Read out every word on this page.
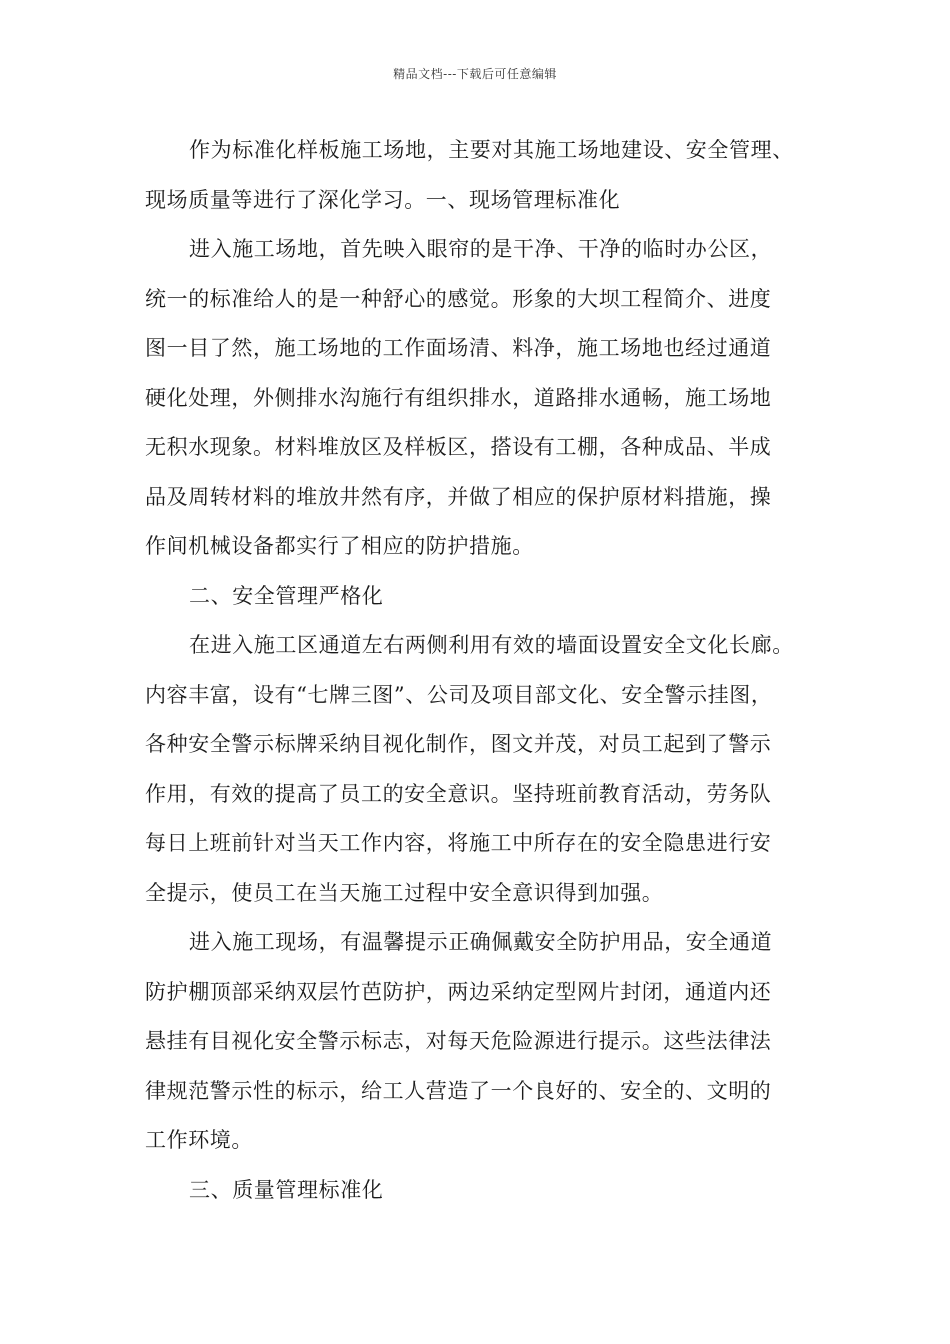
精品文档---下载后可任意编辑
作为标准化样板施工场地，主要对其施工场地建设、安全管理、
现场质量等进行了深化学习。一、现场管理标准化
进入施工场地，首先映入眼帘的是干净、干净的临时办公区，
统一的标准给人的是一种舒心的感觉。形象的大坝工程简介、进度
图一目了然，施工场地的工作面场清、料净，施工场地也经过通道
硬化处理，外侧排水沟施行有组织排水，道路排水通畅，施工场地
无积水现象。材料堆放区及样板区，搭设有工棚，各种成品、半成
品及周转材料的堆放井然有序，并做了相应的保护原材料措施，操
作间机械设备都实行了相应的防护措施。
二、安全管理严格化
在进入施工区通道左右两侧利用有效的墙面设置安全文化长廊。
内容丰富，设有“七牌三图”、公司及项目部文化、安全警示挂图，
各种安全警示标牌采纳目视化制作，图文并茂，对员工起到了警示
作用，有效的提高了员工的安全意识。坚持班前教育活动，劳务队
每日上班前针对当天工作内容，将施工中所存在的安全隐患进行安
全提示，使员工在当天施工过程中安全意识得到加强。
进入施工现场，有温馨提示正确佩戴安全防护用品，安全通道
防护棚顶部采纳双层竹芭防护，两边采纳定型网片封闭，通道内还
悬挂有目视化安全警示标志，对每天危险源进行提示。这些法律法
律规范警示性的标示，给工人营造了一个良好的、安全的、文明的
工作环境。
三、质量管理标准化
